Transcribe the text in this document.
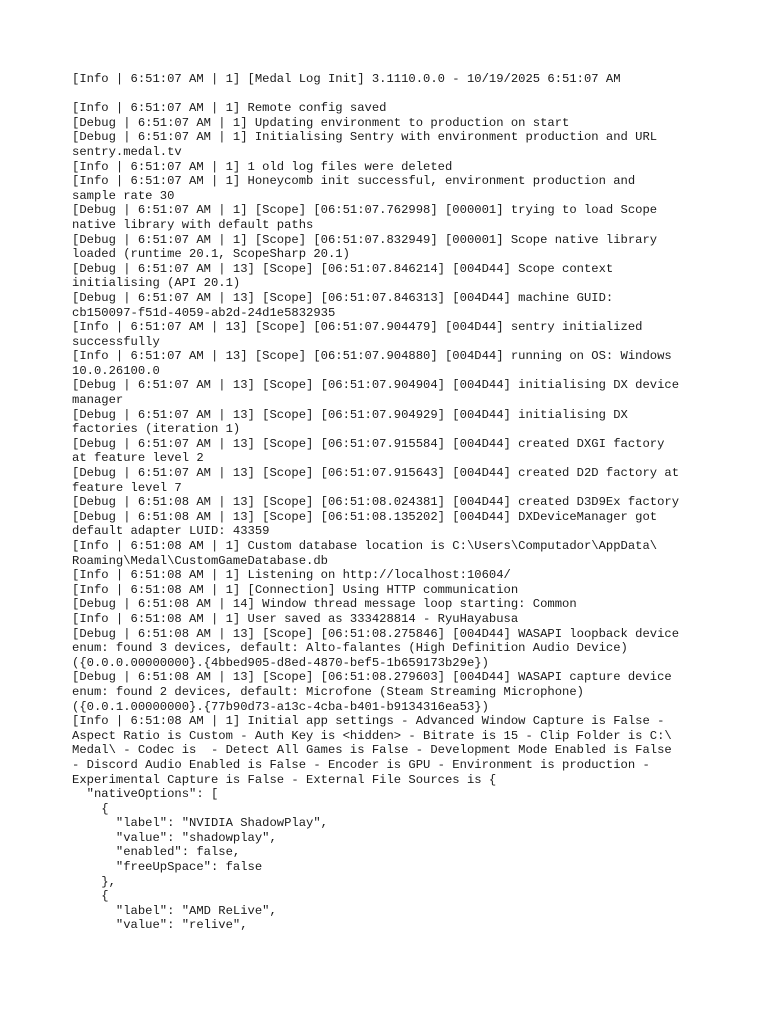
[Info | 6:51:07 AM | 1] [Medal Log Init] 3.1110.0.0 - 10/19/2025 6:51:07 AM
[Info | 6:51:07 AM | 1] Remote config saved
[Debug | 6:51:07 AM | 1] Updating environment to production on start
[Debug | 6:51:07 AM | 1] Initialising Sentry with environment production and URL
sentry.medal.tv
[Info | 6:51:07 AM | 1] 1 old log files were deleted
[Info | 6:51:07 AM | 1] Honeycomb init successful, environment production and
sample rate 30
[Debug | 6:51:07 AM | 1] [Scope] [06:51:07.762998] [000001] trying to load Scope
native library with default paths
[Debug | 6:51:07 AM | 1] [Scope] [06:51:07.832949] [000001] Scope native library
loaded (runtime 20.1, ScopeSharp 20.1)
[Debug | 6:51:07 AM | 13] [Scope] [06:51:07.846214] [004D44] Scope context
initialising (API 20.1)
[Debug | 6:51:07 AM | 13] [Scope] [06:51:07.846313] [004D44] machine GUID:
cb150097-f51d-4059-ab2d-24d1e5832935
[Info | 6:51:07 AM | 13] [Scope] [06:51:07.904479] [004D44] sentry initialized
successfully
[Info | 6:51:07 AM | 13] [Scope] [06:51:07.904880] [004D44] running on OS: Windows
10.0.26100.0
[Debug | 6:51:07 AM | 13] [Scope] [06:51:07.904904] [004D44] initialising DX device
manager
[Debug | 6:51:07 AM | 13] [Scope] [06:51:07.904929] [004D44] initialising DX
factories (iteration 1)
[Debug | 6:51:07 AM | 13] [Scope] [06:51:07.915584] [004D44] created DXGI factory
at feature level 2
[Debug | 6:51:07 AM | 13] [Scope] [06:51:07.915643] [004D44] created D2D factory at
feature level 7
[Debug | 6:51:08 AM | 13] [Scope] [06:51:08.024381] [004D44] created D3D9Ex factory
[Debug | 6:51:08 AM | 13] [Scope] [06:51:08.135202] [004D44] DXDeviceManager got
default adapter LUID: 43359
[Info | 6:51:08 AM | 1] Custom database location is C:\Users\Computador\AppData\
Roaming\Medal\CustomGameDatabase.db
[Info | 6:51:08 AM | 1] Listening on http://localhost:10604/
[Info | 6:51:08 AM | 1] [Connection] Using HTTP communication
[Debug | 6:51:08 AM | 14] Window thread message loop starting: Common
[Info | 6:51:08 AM | 1] User saved as 333428814 - RyuHayabusa
[Debug | 6:51:08 AM | 13] [Scope] [06:51:08.275846] [004D44] WASAPI loopback device
enum: found 3 devices, default: Alto-falantes (High Definition Audio Device)
({0.0.0.00000000}.{4bbed905-d8ed-4870-bef5-1b659173b29e})
[Debug | 6:51:08 AM | 13] [Scope] [06:51:08.279603] [004D44] WASAPI capture device
enum: found 2 devices, default: Microfone (Steam Streaming Microphone)
({0.0.1.00000000}.{77b90d73-a13c-4cba-b401-b9134316ea53})
[Info | 6:51:08 AM | 1] Initial app settings - Advanced Window Capture is False -
Aspect Ratio is Custom - Auth Key is <hidden> - Bitrate is 15 - Clip Folder is C:\
Medal\ - Codec is  - Detect All Games is False - Development Mode Enabled is False
- Discord Audio Enabled is False - Encoder is GPU - Environment is production -
Experimental Capture is False - External File Sources is {
"nativeOptions": [
{
"label": "NVIDIA ShadowPlay",
"value": "shadowplay",
"enabled": false,
"freeUpSpace": false
},
{
"label": "AMD ReLive",
"value": "relive",
